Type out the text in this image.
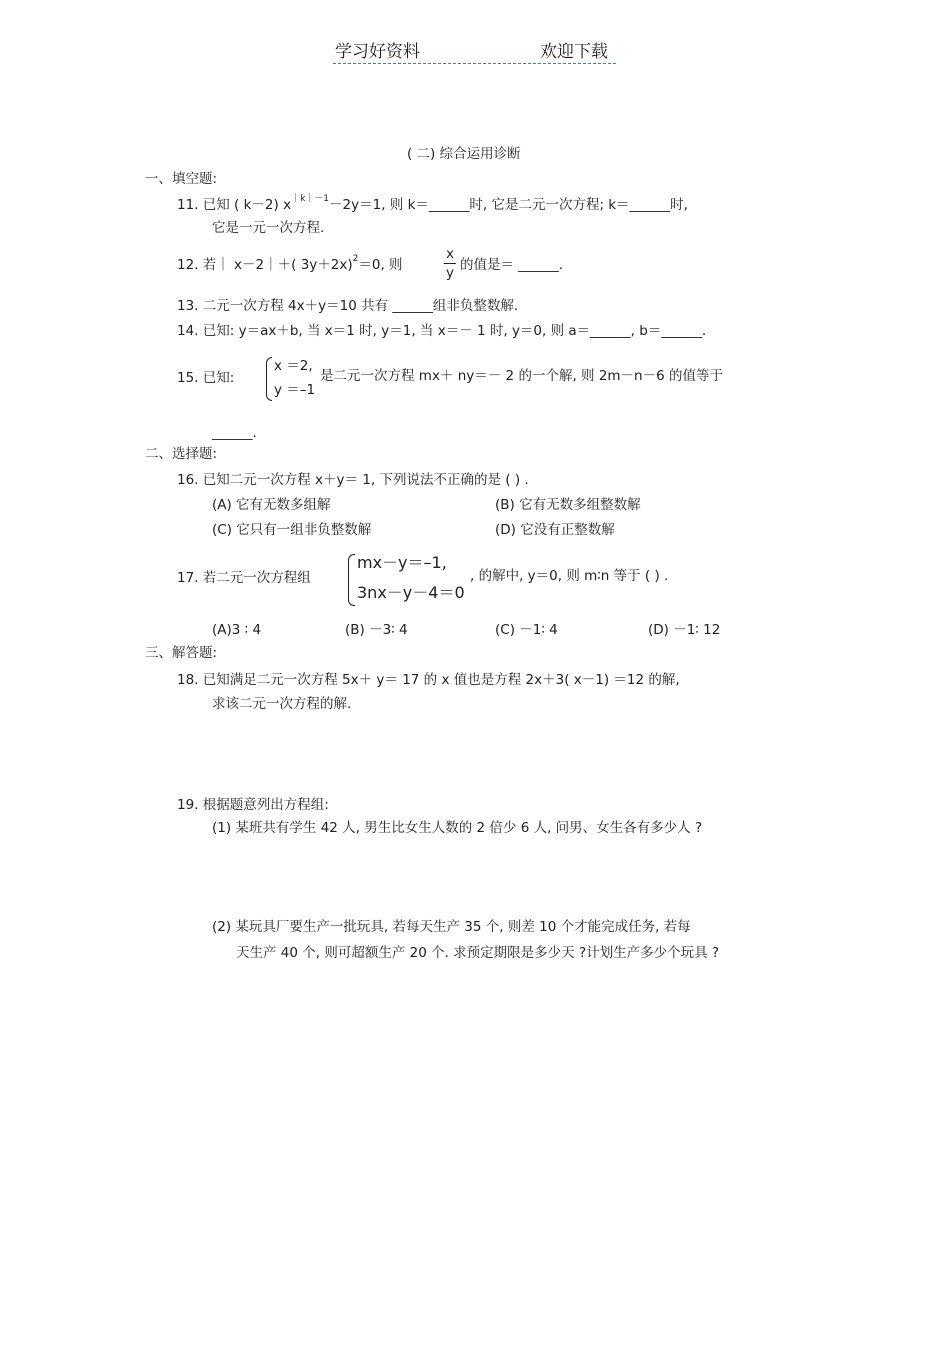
学习好资料	欢迎下载
( 二) 综合运用诊断
一、填空题:
11. 已知 ( k－2) $x^{|k|-1}-2y=1$, 则 k＝______时, 它是二元一次方程; k＝______时,
它是一元一次方程.
12. 若｜ x－2｜＋( 3y＋2x)$^2$＝0, 则
x
y 的值是＝ ______.
13. 二元一次方程 4x＋y＝10 共有 ______组非负整数解.
14. 已知: y＝ax＋b, 当 x＝1 时, y＝1, 当 x＝－ 1 时, y＝0, 则 a＝______, b＝______.
15. 已知:
x ＝2,
y ＝–1
是二元一次方程 mx＋ ny＝－ 2 的一个解, 则 2m－n－6 的值等于
______.
二、选择题:
16. 已知二元一次方程 x＋y＝ 1, 下列说法不正确的是 ( ) .
(A) 它有无数多组解	(B) 它有无数多组整数解
(C) 它只有一组非负整数解	(D) 它没有正整数解
17. 若二元一次方程组
mx－y＝–1,
3nx－y－4＝0
, 的解中, y＝0, 则 m∶n 等于 ( ) .
(A)3 ∶ 4	(B) －3∶ 4	(C) －1∶ 4	(D) －1∶ 12
三、解答题:
18. 已知满足二元一次方程 5x＋ y＝ 17 的 x 值也是方程 2x＋3( x－1) ＝12 的解,
求该二元一次方程的解.
19. 根据题意列出方程组:
(1) 某班共有学生 42 人, 男生比女生人数的 2 倍少 6 人, 问男、女生各有多少人 ?
(2) 某玩具厂要生产一批玩具, 若每天生产 35 个, 则差 10 个才能完成任务, 若每
天生产 40 个, 则可超额生产 20 个. 求预定期限是多少天 ?计划生产多少个玩具 ?
